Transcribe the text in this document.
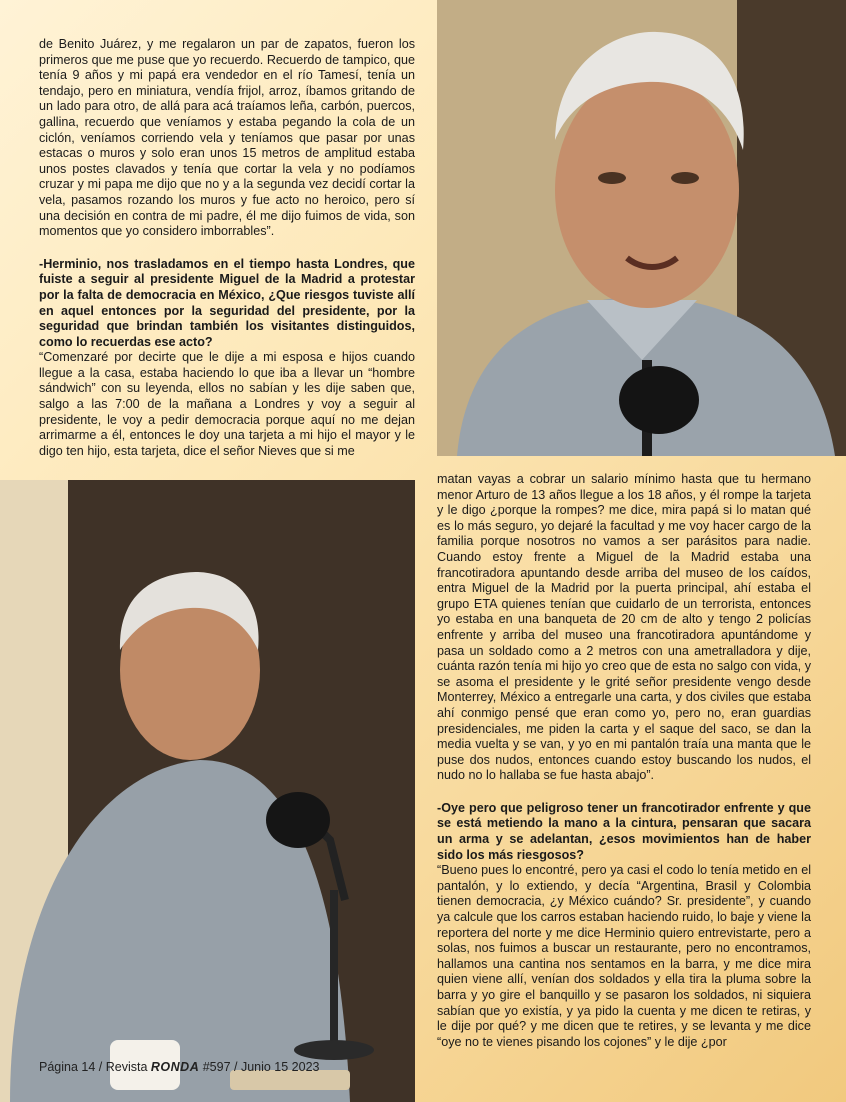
de Benito Juárez, y me regalaron un par de zapatos, fueron los primeros que me puse que yo recuerdo. Recuerdo de tampico, que tenía 9 años y mi papá era vendedor en el río Tamesí, tenía un tendajo, pero en miniatura, vendía frijol, arroz, íbamos gritando de un lado para otro, de allá para acá traíamos leña, carbón, puercos, gallina, recuerdo que veníamos y estaba pegando la cola de un ciclón, veníamos corriendo vela y teníamos que pasar por unas estacas o muros y solo eran unos 15 metros de amplitud estaba unos postes clavados y tenía que cortar la vela y no podíamos cruzar y mi papa me dijo que no y a la segunda vez decidí cortar la vela, pasamos rozando los muros y fue acto no heroico, pero sí una decisión en contra de mi padre, él me dijo fuimos de vida, son momentos que yo considero imborrables”.

-Herminio, nos trasladamos en el tiempo hasta Londres, que fuiste a seguir al presidente Miguel de la Madrid a protestar por la falta de democracia en México, ¿Que riesgos tuviste allí en aquel entonces por la seguridad del presidente, por la seguridad que brindan también los visitantes distinguidos, como lo recuerdas ese acto?

“Comenzaré por decirte que le dije a mi esposa e hijos cuando llegue a la casa, estaba haciendo lo que iba a llevar un “hombre sándwich” con su leyenda, ellos no sabían y les dije saben que, salgo a las 7:00 de la mañana a Londres y voy a seguir al presidente, le voy a pedir democracia porque aquí no me dejan arrimarme a él, entonces le doy una tarjeta a mi hijo el mayor y le digo ten hijo, esta tarjeta, dice el señor Nieves que si me

matan vayas a cobrar un salario mínimo hasta que tu hermano menor Arturo de 13 años llegue a los 18 años, y él rompe la tarjeta y le digo ¿porque la rompes? me dice, mira papá si lo matan qué es lo más seguro, yo dejaré la facultad y me voy hacer cargo de la familia porque nosotros no vamos a ser parásitos para nadie. Cuando estoy frente a Miguel de la Madrid estaba una francotiradora apuntando desde arriba del museo de los caídos, entra Miguel de la Madrid por la puerta principal, ahí estaba el grupo ETA quienes tenían que cuidarlo de un terrorista, entonces yo estaba en una banqueta de 20 cm de alto y tengo 2 policías enfrente y arriba del museo una francotiradora apuntándome y pasa un soldado como a 2 metros con una ametralladora y dije, cuánta razón tenía mi hijo yo creo que de esta no salgo con vida, y se asoma el presidente y le grité señor presidente vengo desde Monterrey, México a entregarle una carta, y dos civiles que estaba ahí conmigo pensé que eran como yo, pero no, eran guardias presidenciales, me piden la carta y el saque del saco, se dan la media vuelta y se van, y yo en mi pantalón traía una manta que le puse dos nudos, entonces cuando estoy buscando los nudos, el nudo no lo hallaba se fue hasta abajo”.

-Oye pero que peligroso tener un francotirador enfrente y que se está metiendo la mano a la cintura, pensaran que sacara un arma y se adelantan, ¿esos movimientos han de haber sido los más riesgosos?

“Bueno pues lo encontré, pero ya casi el codo lo tenía metido en el pantalón, y lo extiendo, y decía “Argentina, Brasil y Colombia tienen democracia, ¿y México cuándo? Sr. presidente”, y cuando ya calcule que los carros estaban haciendo ruido, lo baje y viene la reportera del norte y me dice Herminio quiero entrevistarte, pero a solas, nos fuimos a buscar un restaurante, pero no encontramos, hallamos una cantina nos sentamos en la barra, y me dice mira quien viene allí, venían dos soldados y ella tira la pluma sobre la barra y yo gire el banquillo y se pasaron los soldados, ni siquiera sabían que yo existía, y ya pido la cuenta y me dicen te retiras, y le dije por qué? y me dicen que te retires, y se levanta y me dice “oye no te vienes pisando los cojones” y le dije ¿por

Página 14 / Revista RONDA #597 / Junio 15 2023
